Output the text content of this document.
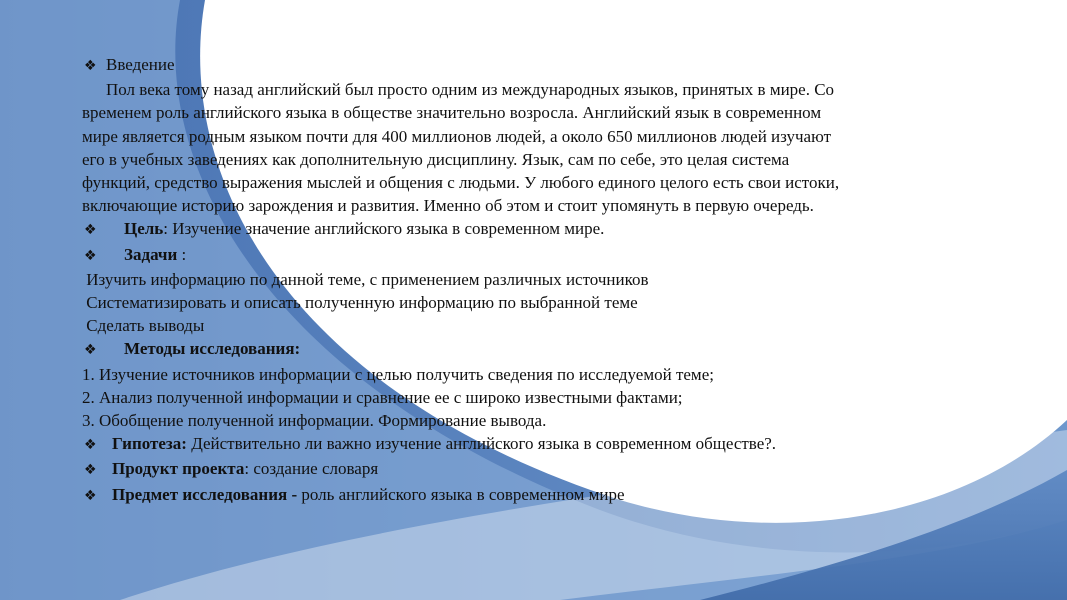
❖ Введение
Пол века тому назад английский был просто одним из международных языков, принятых в мире. Со
временем роль английского языка в обществе значительно возросла. Английский язык в современном
мире является родным языком почти для 400 миллионов людей, а около 650 миллионов людей изучают
его в учебных заведениях как дополнительную дисциплину. Язык, сам по себе, это целая система
функций, средство выражения мыслей и общения с людьми. У любого единого целого есть свои истоки,
включающие историю зарождения и развития. Именно об этом и стоит упомянуть в первую очередь.
❖ Цель: Изучение значение английского языка в современном мире.
❖ Задачи :
Изучить информацию по данной теме, с применением различных источников
Систематизировать и описать полученную информацию по выбранной теме
Сделать выводы
❖ Методы исследования:
1. Изучение источников информации с целью получить сведения по исследуемой теме;
2. Анализ полученной информации и сравнение ее с широко известными фактами;
3. Обобщение полученной информации. Формирование вывода.
❖ Гипотеза: Действительно ли важно изучение английского языка в современном обществе?.
❖ Продукт проекта: создание словаря
❖ Предмет исследования - роль английского языка в современном мире
